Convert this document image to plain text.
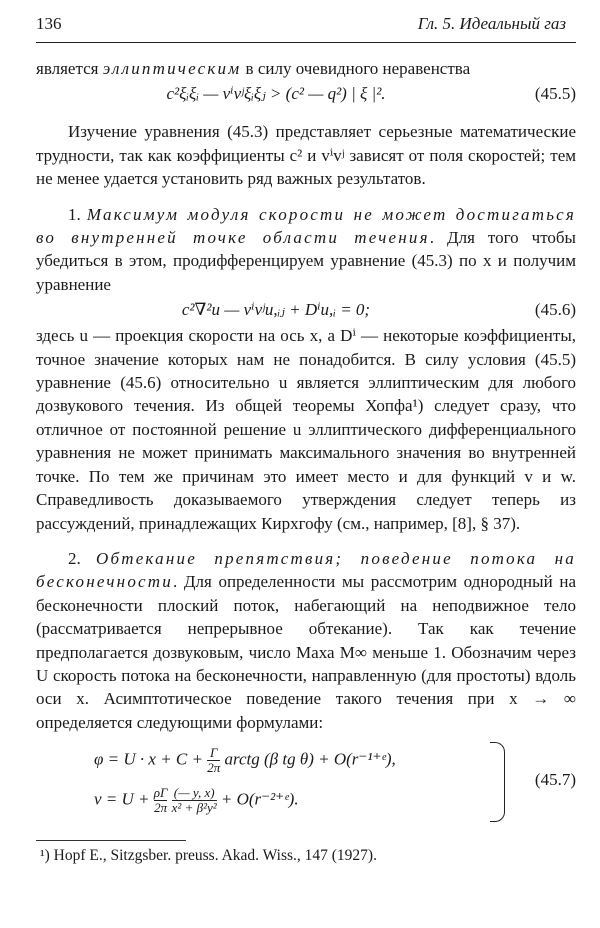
136	Гл. 5. Идеальный газ

является эллиптическим в силу очевидного неравенства

c²ξᵢξᵢ — vⁱvʲξᵢξⱼ > (c² — q²) | ξ |².	(45.5)

Изучение уравнения (45.3) представляет серьезные математические трудности, так как коэффициенты c² и vⁱvʲ зависят от поля скоростей; тем не менее удается установить ряд важных результатов.

1. Максимум модуля скорости не может достигаться во внутренней точке области течения. Для того чтобы убедиться в этом, продифференцируем уравнение (45.3) по x и получим уравнение

c²∇²u — vⁱvʲu,ᵢⱼ + Dⁱu,ᵢ = 0;	(45.6)

здесь u — проекция скорости на ось x, а Dⁱ — некоторые коэффициенты, точное значение которых нам не понадобится. В силу условия (45.5) уравнение (45.6) относительно u является эллиптическим для любого дозвукового течения. Из общей теоремы Хопфа¹) следует сразу, что отличное от постоянной решение u эллиптического дифференциального уравнения не может принимать максимального значения во внутренней точке. По тем же причинам это имеет место и для функций v и w. Справедливость доказываемого утверждения следует теперь из рассуждений, принадлежащих Кирхгофу (см., например, [8], § 37).

2. Обтекание препятствия; поведение потока на бесконечности. Для определенности мы рассмотрим однородный на бесконечности плоский поток, набегающий на неподвижное тело (рассматривается непрерывное обтекание). Так как течение предполагается дозвуковым, число Маха M∞ меньше 1. Обозначим через U скорость потока на бесконечности, направленную (для простоты) вдоль оси x. Асимптотическое поведение такого течения при x → ∞ определяется следующими формулами:

$\varphi = U \cdot x + C + \frac{\Gamma}{2\pi}$ arctg (β tg θ) + O(r⁻¹⁺ᵉ),
$v = U + \frac{\rho\Gamma}{2\pi}$
$\frac{(— y, x)}{\text{x² + β²y²}}$ + O(r⁻²⁺ᵉ).
(45.7)
¹) Hopf E., Sitzgsber. preuss. Akad. Wiss., 147 (1927).
